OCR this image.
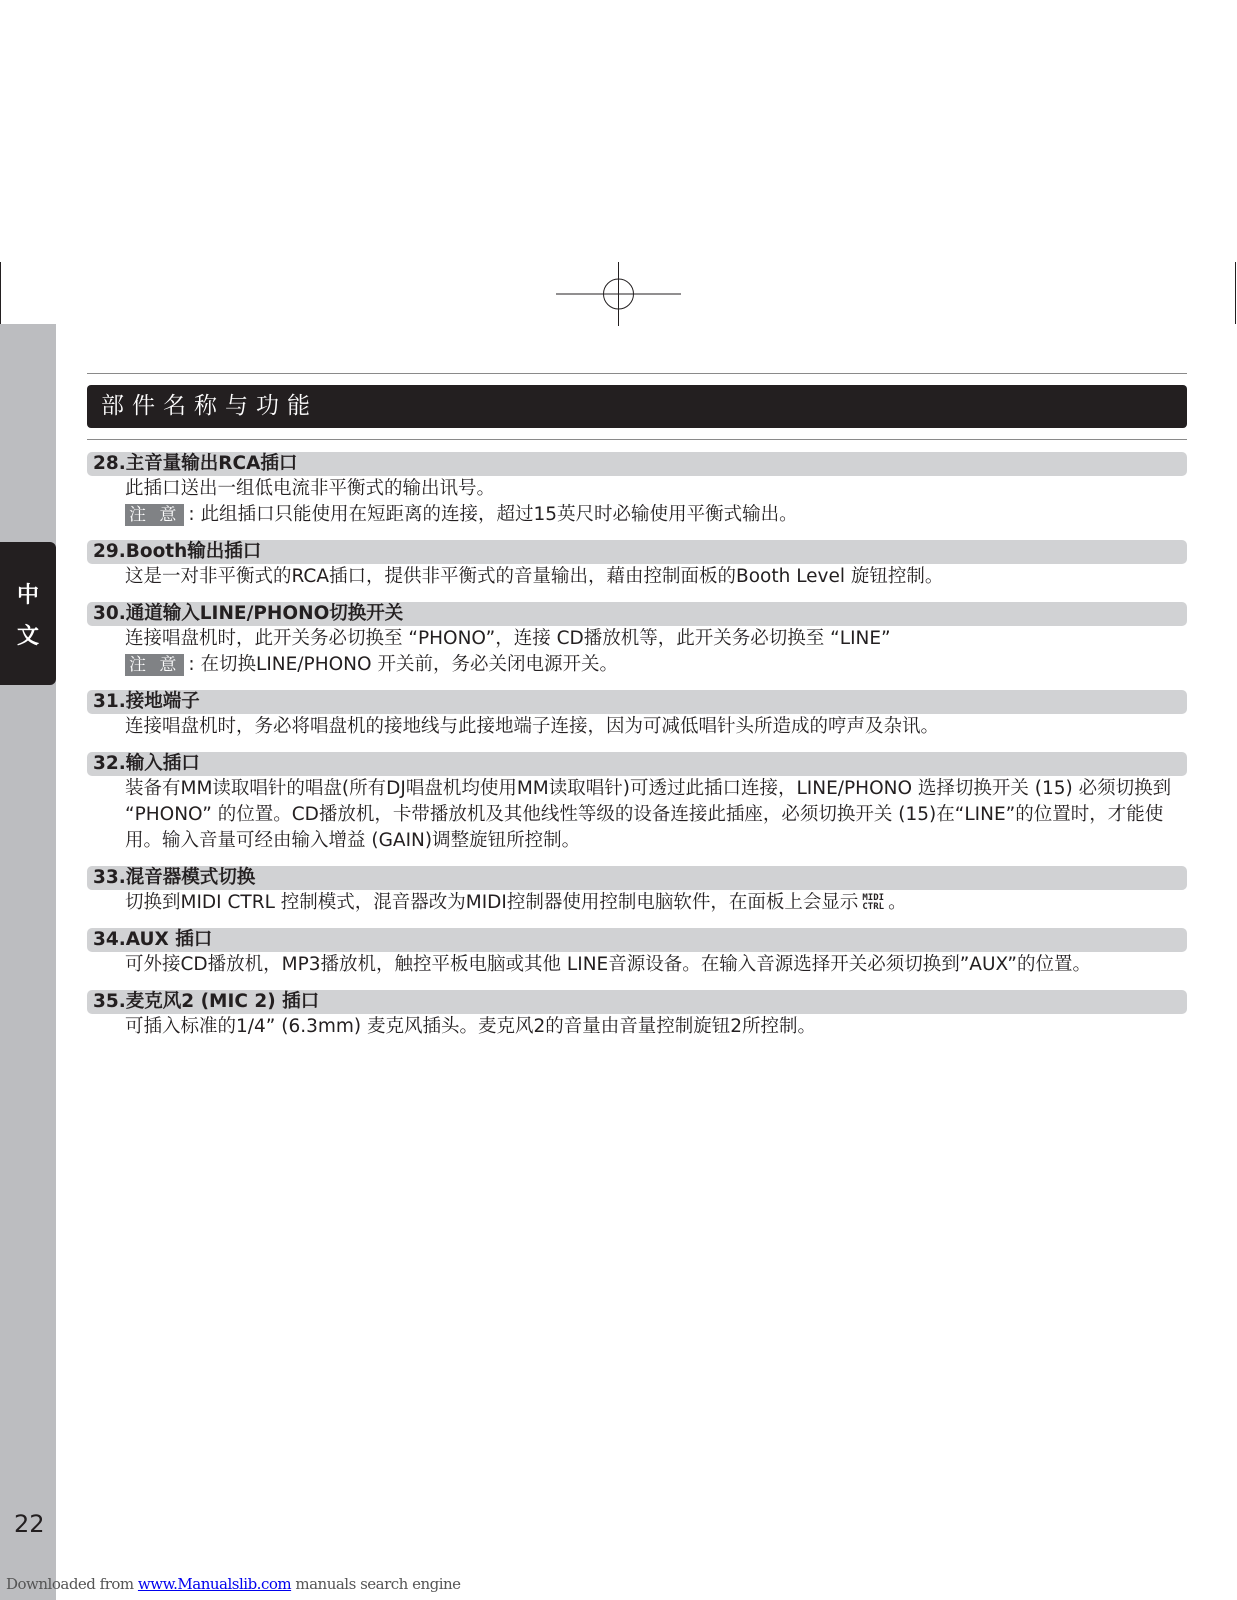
中
文
22
部件名称与功能
28.主音量输出RCA插口
此插口送出一组低电流非平衡式的输出讯号。
注 意 : 此组插口只能使用在短距离的连接，超过15英尺时必输使用平衡式输出。
29.Booth输出插口
这是一对非平衡式的RCA插口，提供非平衡式的音量输出，藉由控制面板的Booth Level 旋钮控制。
30.通道输入LINE/PHONO切换开关
连接唱盘机时，此开关务必切换至 “PHONO”，连接 CD播放机等，此开关务必切换至 “LINE”
注 意 : 在切换LINE/PHONO 开关前，务必关闭电源开关。
31.接地端子
连接唱盘机时，务必将唱盘机的接地线与此接地端子连接，因为可减低唱针头所造成的哼声及杂讯。
32.输入插口
装备有MM读取唱针的唱盘(所有DJ唱盘机均使用MM读取唱针)可透过此插口连接，LINE/PHONO 选择切换开关 (15) 必须切换到 “PHONO” 的位置。CD播放机，卡带播放机及其他线性等级的设备连接此插座，必须切换开关 (15)在“LINE”的位置时，才能使用。输入音量可经由输入增益 (GAIN)调整旋钮所控制。
33.混音器模式切换
切换到MIDI CTRL 控制模式，混音器改为MIDI控制器使用控制电脑软件，在面板上会显示 MIDI
CTRL 。
34.AUX 插口
可外接CD播放机，MP3播放机，触控平板电脑或其他 LINE音源设备。在输入音源选择开关必须切换到”AUX”的位置。
35.麦克风2 (MIC 2) 插口
可插入标准的1/4” (6.3mm) 麦克风插头。麦克风2的音量由音量控制旋钮2所控制。
Downloaded from www.Manualslib.com manuals search engine
